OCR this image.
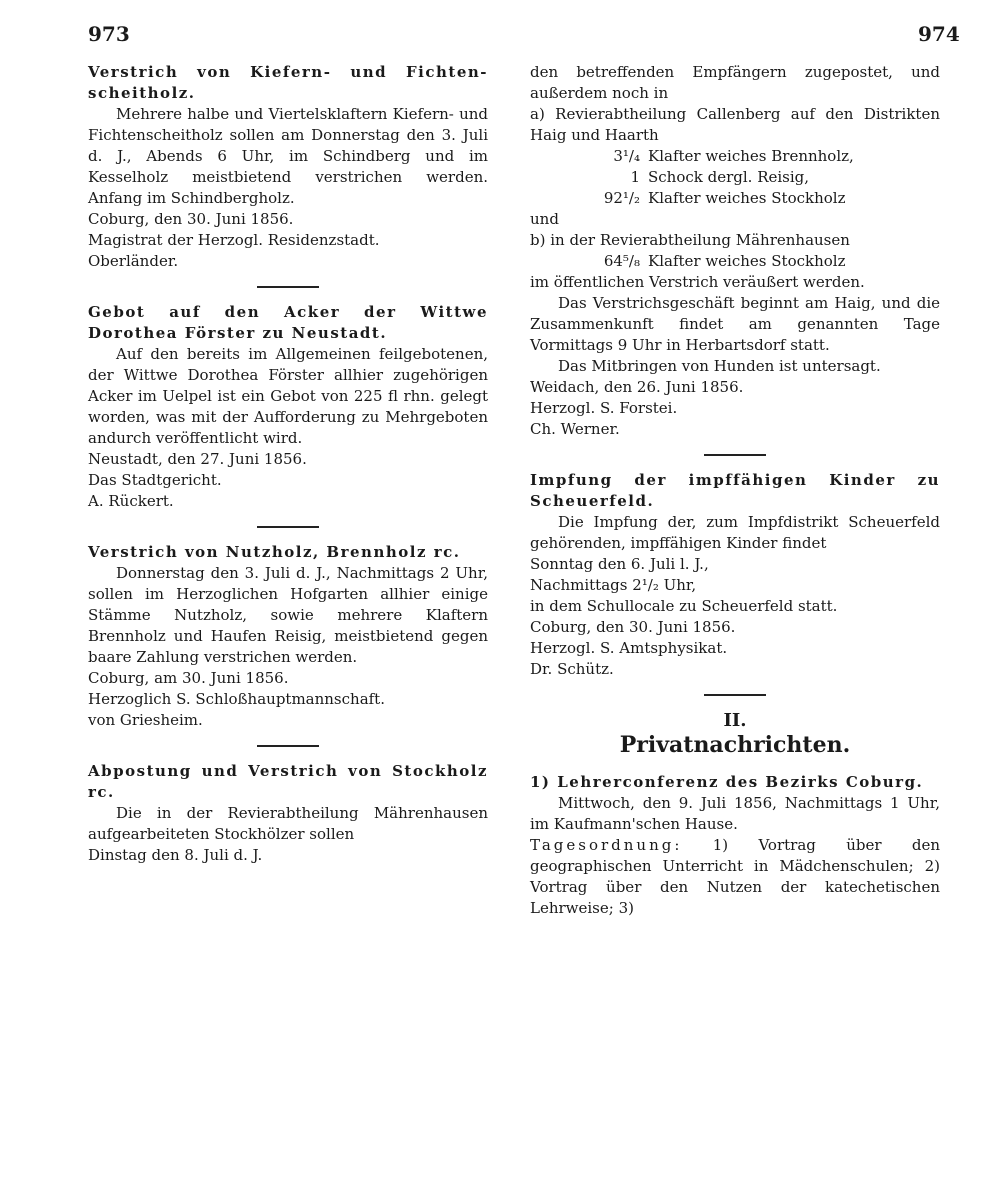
973	974

Verstrich von Kiefern- und Fichten-scheitholz.

Mehrere halbe und Viertelsklaftern Kiefern- und Fichtenscheitholz sollen am Donnerstag den 3. Juli d. J., Abends 6 Uhr, im Schindberg und im Kesselholz meistbietend verstrichen werden. Anfang im Schindbergholz.

Coburg, den 30. Juni 1856.

Magistrat der Herzogl. Residenzstadt.

Oberländer.

Gebot auf den Acker der Wittwe Dorothea Förster zu Neustadt.

Auf den bereits im Allgemeinen feilgebotenen, der Wittwe Dorothea Förster allhier zugehörigen Acker im Uelpel ist ein Gebot von 225 fl rhn. gelegt worden, was mit der Aufforderung zu Mehrgeboten andurch veröffentlicht wird.

Neustadt, den 27. Juni 1856.

Das Stadtgericht.

A. Rückert.

Verstrich von Nutzholz, Brennholz rc.

Donnerstag den 3. Juli d. J., Nachmittags 2 Uhr, sollen im Herzoglichen Hofgarten allhier einige Stämme Nutzholz, sowie mehrere Klaftern Brennholz und Haufen Reisig, meistbietend gegen baare Zahlung verstrichen werden.

Coburg, am 30. Juni 1856.

Herzoglich S. Schloßhauptmannschaft.

von Griesheim.

Abpostung und Verstrich von Stockholz rc.

Die in der Revierabtheilung Mährenhausen aufgearbeiteten Stockhölzer sollen

Dinstag den 8. Juli d. J.

den betreffenden Empfängern zugepostet, und außerdem noch in

a) Revierabtheilung Callenberg auf den Distrikten Haig und Haarth

3¹/₄ Klafter weiches Brennholz,
1 Schock dergl. Reisig,
92¹/₂ Klafter weiches Stockholz

und

b) in der Revierabtheilung Mährenhausen

64⁵/₈ Klafter weiches Stockholz

im öffentlichen Verstrich veräußert werden.

Das Verstrichsgeschäft beginnt am Haig, und die Zusammenkunft findet am genannten Tage Vormittags 9 Uhr in Herbartsdorf statt.

Das Mitbringen von Hunden ist untersagt.

Weidach, den 26. Juni 1856.

Herzogl. S. Forstei.

Ch. Werner.

Impfung der impffähigen Kinder zu Scheuerfeld.

Die Impfung der, zum Impfdistrikt Scheuerfeld gehörenden, impffähigen Kinder findet

Sonntag den 6. Juli l. J.,

Nachmittags 2¹/₂ Uhr,

in dem Schullocale zu Scheuerfeld statt.

Coburg, den 30. Juni 1856.

Herzogl. S. Amtsphysikat.

Dr. Schütz.

II.
Privatnachrichten.

1) Lehrerconferenz des Bezirks Coburg.

Mittwoch, den 9. Juli 1856, Nachmittags 1 Uhr, im Kaufmann'schen Hause.

Tagesordnung: 1) Vortrag über den geographischen Unterricht in Mädchenschulen; 2) Vortrag über den Nutzen der katechetischen Lehrweise; 3)
